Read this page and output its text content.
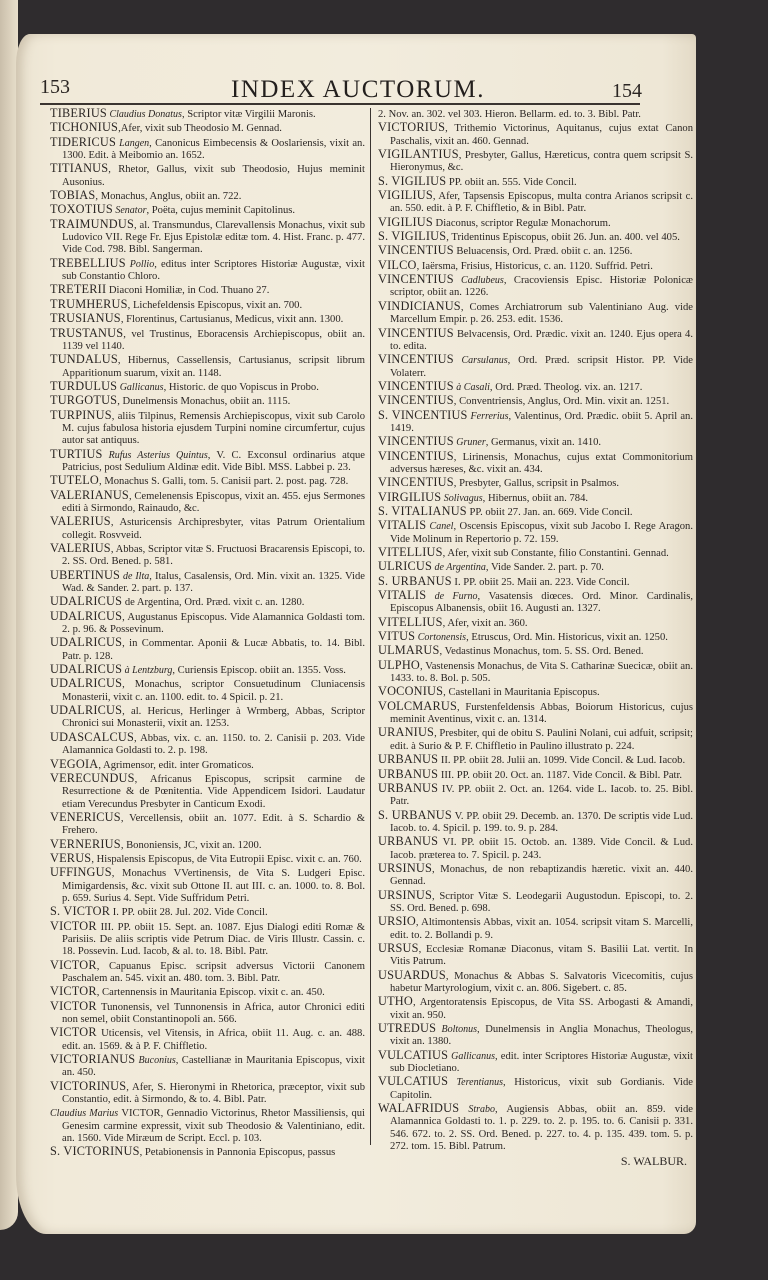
153	INDEX AUCTORUM.	154

TIBERIUS Claudius Donatus, Scriptor vitæ Virgilii Maronis.

TICHONIUS,Afer, vixit sub Theodosio M. Gennad.

TIDERICUS Langen, Canonicus Eimbecensis & Ooslariensis, vixit an. 1300. Edit. à Meibomio an. 1652.

TITIANUS, Rhetor, Gallus, vixit sub Theodosio, Hujus meminit Ausonius.

TOBIAS, Monachus, Anglus, obiit an. 722.

TOXOTIUS Senator, Poëta, cujus meminit Capitolinus.

TRAIMUNDUS, al. Transmundus, Clarevallensis Monachus, vixit sub Ludovico VII. Rege Fr. Ejus Epistolæ editæ tom. 4. Hist. Franc. p. 477. Vide Cod. 798. Bibl. Sangerman.

TREBELLIUS Pollio, editus inter Scriptores Historiæ Augustæ, vixit sub Constantio Chloro.

TRETERII Diaconi Homiliæ, in Cod. Thuano 27.

TRUMHERUS, Lichefeldensis Episcopus, vixit an. 700.

TRUSIANUS, Florentinus, Cartusianus, Medicus, vixit ann. 1300.

TRUSTANUS, vel Trustinus, Eboracensis Archiepiscopus, obiit an. 1139 vel 1140.

TUNDALUS, Hibernus, Cassellensis, Cartusianus, scripsit librum Apparitionum suarum, vixit an. 1148.

TURDULUS Gallicanus, Historic. de quo Vopiscus in Probo.

TURGOTUS, Dunelmensis Monachus, obiit an. 1115.

TURPINUS, aliis Tilpinus, Remensis Archiepiscopus, vixit sub Carolo M. cujus fabulosa historia ejusdem Turpini nomine circumfertur, cujus autor sat antiquus.

TURTIUS Rufus Asterius Quintus, V. C. Exconsul ordinarius atque Patricius, post Sedulium Aldinæ edit. Vide Bibl. MSS. Labbei p. 23.

TUTELO, Monachus S. Galli, tom. 5. Canisii part. 2. post. pag. 728.

VALERIANUS, Cemelenensis Episcopus, vixit an. 455. ejus Sermones editi à Sirmondo, Rainaudo, &c.

VALERIUS, Asturicensis Archipresbyter, vitas Patrum Orientalium collegit. Rosvveid.

VALERIUS, Abbas, Scriptor vitæ S. Fructuosi Bracarensis Episcopi, to. 2. SS. Ord. Bened. p. 581.

UBERTINUS de Ilta, Italus, Casalensis, Ord. Min. vixit an. 1325. Vide Wad. & Sander. 2. part. p. 137.

UDALRICUS de Argentina, Ord. Præd. vixit c. an. 1280.

UDALRICUS, Augustanus Episcopus. Vide Alamannica Goldasti tom. 2. p. 96. & Possevinum.

UDALRICUS, in Commentar. Aponii & Lucæ Abbatis, to. 14. Bibl. Patr. p. 128.

UDALRICUS à Lentzburg, Curiensis Episcop. obiit an. 1355. Voss.

UDALRICUS, Monachus, scriptor Consuetudinum Cluniacensis Monasterii, vixit c. an. 1100. edit. to. 4 Spicil. p. 21.

UDALRICUS, al. Hericus, Herlinger à Wrmberg, Abbas, Scriptor Chronici sui Monasterii, vixit an. 1253.

UDASCALCUS, Abbas, vix. c. an. 1150. to. 2. Canisii p. 203. Vide Alamannica Goldasti to. 2. p. 198.

VEGOIA, Agrimensor, edit. inter Gromaticos.

VERECUNDUS, Africanus Episcopus, scripsit carmine de Resurrectione & de Pœnitentia. Vide Appendicem Isidori. Laudatur etiam Verecundus Presbyter in Canticum Exodi.

VENERICUS, Vercellensis, obiit an. 1077. Edit. à S. Schardio & Frehero.

VERNERIUS, Bononiensis, JC, vixit an. 1200.

VERUS, Hispalensis Episcopus, de Vita Eutropii Episc. vixit c. an. 760.

UFFINGUS, Monachus VVertinensis, de Vita S. Ludgeri Episc. Mimigardensis, &c. vixit sub Ottone II. aut III. c. an. 1000. to. 8. Bol. p. 659. Surius 4. Sept. Vide Suffridum Petri.

S. VICTOR I. PP. obiit 28. Jul. 202. Vide Concil.

VICTOR III. PP. obiit 15. Sept. an. 1087. Ejus Dialogi editi Romæ & Parisiis. De aliis scriptis vide Petrum Diac. de Viris Illustr. Cassin. c. 18. Possevin. Lud. Iacob, & al. to. 18. Bibl. Patr.

VICTOR, Capuanus Episc. scripsit adversus Victorii Canonem Paschalem an. 545. vixit an. 480. tom. 3. Bibl. Patr.

VICTOR, Cartennensis in Mauritania Episcop. vixit c. an. 450.

VICTOR Tunonensis, vel Tunnonensis in Africa, autor Chronici editi non semel, obiit Constantinopoli an. 566.

VICTOR Uticensis, vel Vitensis, in Africa, obiit 11. Aug. c. an. 488. edit. an. 1569. & à P. F. Chiffletio.

VICTORIANUS Buconius, Castellianæ in Mauritania Episcopus, vixit an. 450.

VICTORINUS, Afer, S. Hieronymi in Rhetorica, præceptor, vixit sub Constantio, edit. à Sirmondo, & to. 4. Bibl. Patr.

Claudius Marius VICTOR, Gennadio Victorinus, Rhetor Massiliensis, qui Genesim carmine expressit, vixit sub Theodosio & Valentiniano, edit. an. 1560. Vide Miræum de Script. Eccl. p. 103.

S. VICTORINUS, Petabionensis in Pannonia Episcopus, passus

2. Nov. an. 302. vel 303. Hieron. Bellarm. ed. to. 3. Bibl. Patr.

VICTORIUS, Trithemio Victorinus, Aquitanus, cujus extat Canon Paschalis, vixit an. 460. Gennad.

VIGILANTIUS, Presbyter, Gallus, Hæreticus, contra quem scripsit S. Hieronymus, &c.

S. VIGILIUS PP. obiit an. 555. Vide Concil.

VIGILIUS, Afer, Tapsensis Episcopus, multa contra Arianos scripsit c. an. 550. edit. à P. F. Chiffletio, & in Bibl. Patr.

VIGILIUS Diaconus, scriptor Regulæ Monachorum.

S. VIGILIUS, Tridentinus Episcopus, obiit 26. Jun. an. 400. vel 405.

VINCENTIUS Beluacensis, Ord. Præd. obiit c. an. 1256.

VILCO, Iaërsma, Frisius, Historicus, c. an. 1120. Suffrid. Petri.

VINCENTIUS Cadlubeus, Cracoviensis Episc. Historiæ Polonicæ scriptor, obiit an. 1226.

VINDICIANUS, Comes Archiatrorum sub Valentiniano Aug. vide Marcellum Empir. p. 26. 253. edit. 1536.

VINCENTIUS Belvacensis, Ord. Prædic. vixit an. 1240. Ejus opera 4. to. edita.

VINCENTIUS Carsulanus, Ord. Præd. scripsit Histor. PP. Vide Volaterr.

VINCENTIUS à Casali, Ord. Præd. Theolog. vix. an. 1217.

VINCENTIUS, Conventriensis, Anglus, Ord. Min. vixit an. 1251.

S. VINCENTIUS Ferrerius, Valentinus, Ord. Prædic. obiit 5. April an. 1419.

VINCENTIUS Gruner, Germanus, vixit an. 1410.

VINCENTIUS, Lirinensis, Monachus, cujus extat Commonitorium adversus hæreses, &c. vixit an. 434.

VINCENTIUS, Presbyter, Gallus, scripsit in Psalmos.

VIRGILIUS Solivagus, Hibernus, obiit an. 784.

S. VITALIANUS PP. obiit 27. Jan. an. 669. Vide Concil.

VITALIS Canel, Oscensis Episcopus, vixit sub Jacobo I. Rege Aragon. Vide Molinum in Repertorio p. 72. 159.

VITELLIUS, Afer, vixit sub Constante, filio Constantini. Gennad.

ULRICUS de Argentina, Vide Sander. 2. part. p. 70.

S. URBANUS I. PP. obiit 25. Maii an. 223. Vide Concil.

VITALIS de Furno, Vasatensis diœces. Ord. Minor. Cardinalis, Episcopus Albanensis, obiit 16. Augusti an. 1327.

VITELLIUS, Afer, vixit an. 360.

VITUS Cortonensis, Etruscus, Ord. Min. Historicus, vixit an. 1250.

ULMARUS, Vedastinus Monachus, tom. 5. SS. Ord. Bened.

ULPHO, Vastenensis Monachus, de Vita S. Catharinæ Suecicæ, obiit an. 1433. to. 8. Bol. p. 505.

VOCONIUS, Castellani in Mauritania Episcopus.

VOLCMARUS, Furstenfeldensis Abbas, Boiorum Historicus, cujus meminit Aventinus, vixit c. an. 1314.

URANIUS, Presbiter, qui de obitu S. Paulini Nolani, cui adfuit, scripsit; edit. à Surio & P. F. Chiffletio in Paulino illustrato p. 224.

URBANUS II. PP. obiit 28. Julii an. 1099. Vide Concil. & Lud. Iacob.

URBANUS III. PP. obiit 20. Oct. an. 1187. Vide Concil. & Bibl. Patr.

URBANUS IV. PP. obiit 2. Oct. an. 1264. vide L. Iacob. to. 25. Bibl. Patr.

S. URBANUS V. PP. obiit 29. Decemb. an. 1370. De scriptis vide Lud. Iacob. to. 4. Spicil. p. 199. to. 9. p. 284.

URBANUS VI. PP. obiit 15. Octob. an. 1389. Vide Concil. & Lud. Iacob. præterea to. 7. Spicil. p. 243.

URSINUS, Monachus, de non rebaptizandis hæretic. vixit an. 440. Gennad.

URSINUS, Scriptor Vitæ S. Leodegarii Augustodun. Episcopi, to. 2. SS. Ord. Bened. p. 698.

URSIO, Altimontensis Abbas, vixit an. 1054. scripsit vitam S. Marcelli, edit. to. 2. Bollandi p. 9.

URSUS, Ecclesiæ Romanæ Diaconus, vitam S. Basilii Lat. vertit. In Vitis Patrum.

USUARDUS, Monachus & Abbas S. Salvatoris Vicecomitis, cujus habetur Martyrologium, vixit c. an. 806. Sigebert. c. 85.

UTHO, Argentoratensis Episcopus, de Vita SS. Arbogasti & Amandi, vixit an. 950.

UTREDUS Boltonus, Dunelmensis in Anglia Monachus, Theologus, vixit an. 1380.

VULCATIUS Gallicanus, edit. inter Scriptores Historiæ Augustæ, vixit sub Diocletiano.

VULCATIUS Terentianus, Historicus, vixit sub Gordianis. Vide Capitolin.

WALAFRIDUS Strabo, Augiensis Abbas, obiit an. 859. vide Alamannica Goldasti to. 1. p. 229. to. 2. p. 195. to. 6. Canisii p. 331. 546. 672. to. 2. SS. Ord. Bened. p. 227. to. 4. p. 135. 439. tom. 5. p. 272. tom. 15. Bibl. Patrum.

S. WALBUR.
